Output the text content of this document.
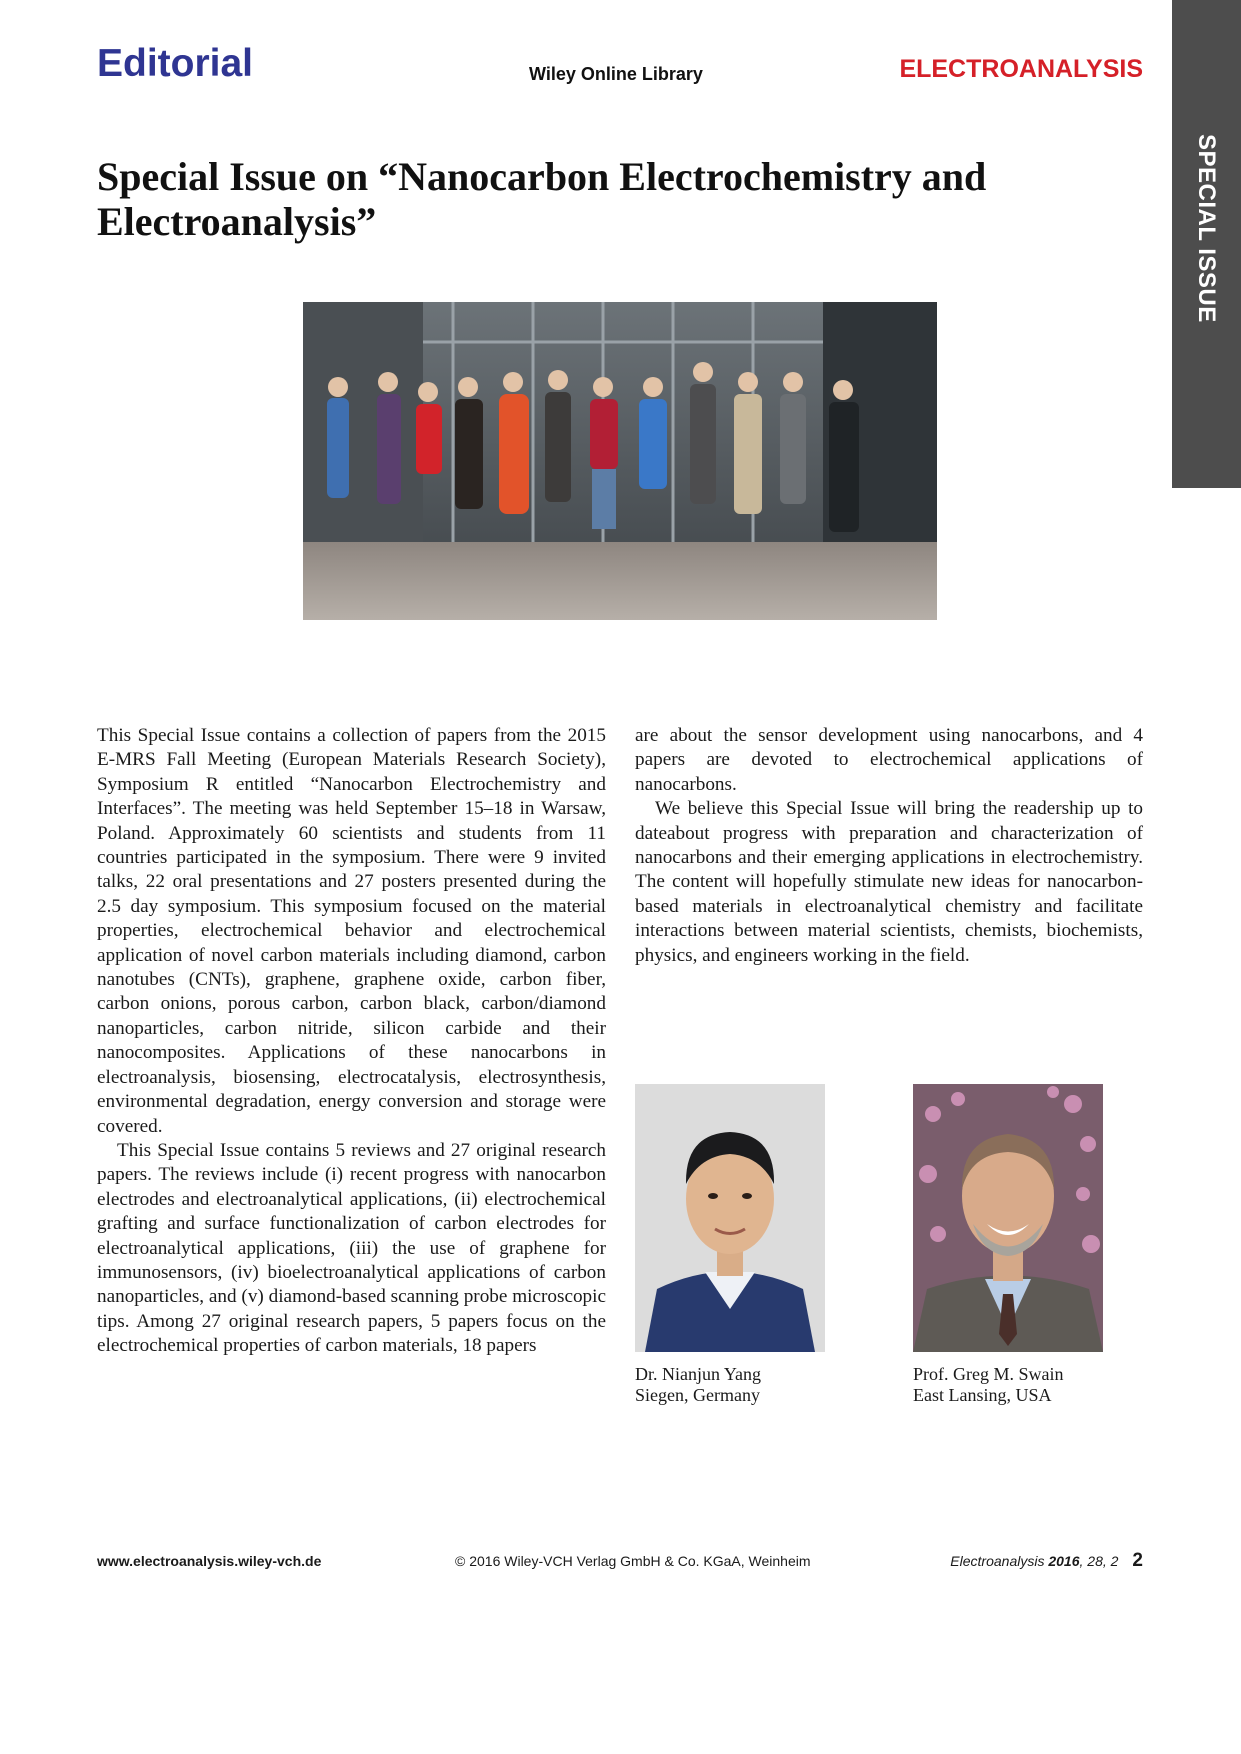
Editorial	Wiley Online Library	ELECTROANALYSIS
SPECIAL ISSUE
Special Issue on “Nanocarbon Electrochemistry and Electroanalysis”

This Special Issue contains a collection of papers from the 2015 E-MRS Fall Meeting (European Materials Research Society), Symposium R entitled “Nanocarbon Electrochemistry and Interfaces”. The meeting was held September 15–18 in Warsaw, Poland. Approximately 60 scientists and students from 11 countries participated in the symposium. There were 9 invited talks, 22 oral presentations and 27 posters presented during the 2.5 day symposium. This symposium focused on the material properties, electrochemical behavior and electrochemical application of novel carbon materials including diamond, carbon nanotubes (CNTs), graphene, graphene oxide, carbon fiber, carbon onions, porous carbon, carbon black, carbon/diamond nanoparticles, carbon nitride, silicon carbide and their nanocomposites. Applications of these nanocarbons in electroanalysis, biosensing, electrocatalysis, electrosynthesis, environmental degradation, energy conversion and storage were covered.

This Special Issue contains 5 reviews and 27 original research papers. The reviews include (i) recent progress with nanocarbon electrodes and electroanalytical applications, (ii) electrochemical grafting and surface functionalization of carbon electrodes for electroanalytical applications, (iii) the use of graphene for immunosensors, (iv) bioelectroanalytical applications of carbon nanoparticles, and (v) diamond-based scanning probe microscopic tips. Among 27 original research papers, 5 papers focus on the electrochemical properties of carbon materials, 18 papers

are about the sensor development using nanocarbons, and 4 papers are devoted to electrochemical applications of nanocarbons.

We believe this Special Issue will bring the readership up to dateabout progress with preparation and characterization of nanocarbons and their emerging applications in electrochemistry. The content will hopefully stimulate new ideas for nanocarbon-based materials in electroanalytical chemistry and facilitate interactions between material scientists, chemists, biochemists, physics, and engineers working in the field.

Dr. Nianjun Yang
Siegen, Germany
Prof. Greg M. Swain
East Lansing, USA
www.electroanalysis.wiley-vch.de	© 2016 Wiley-VCH Verlag GmbH & Co. KGaA, Weinheim	Electroanalysis 2016, 28, 2 2
